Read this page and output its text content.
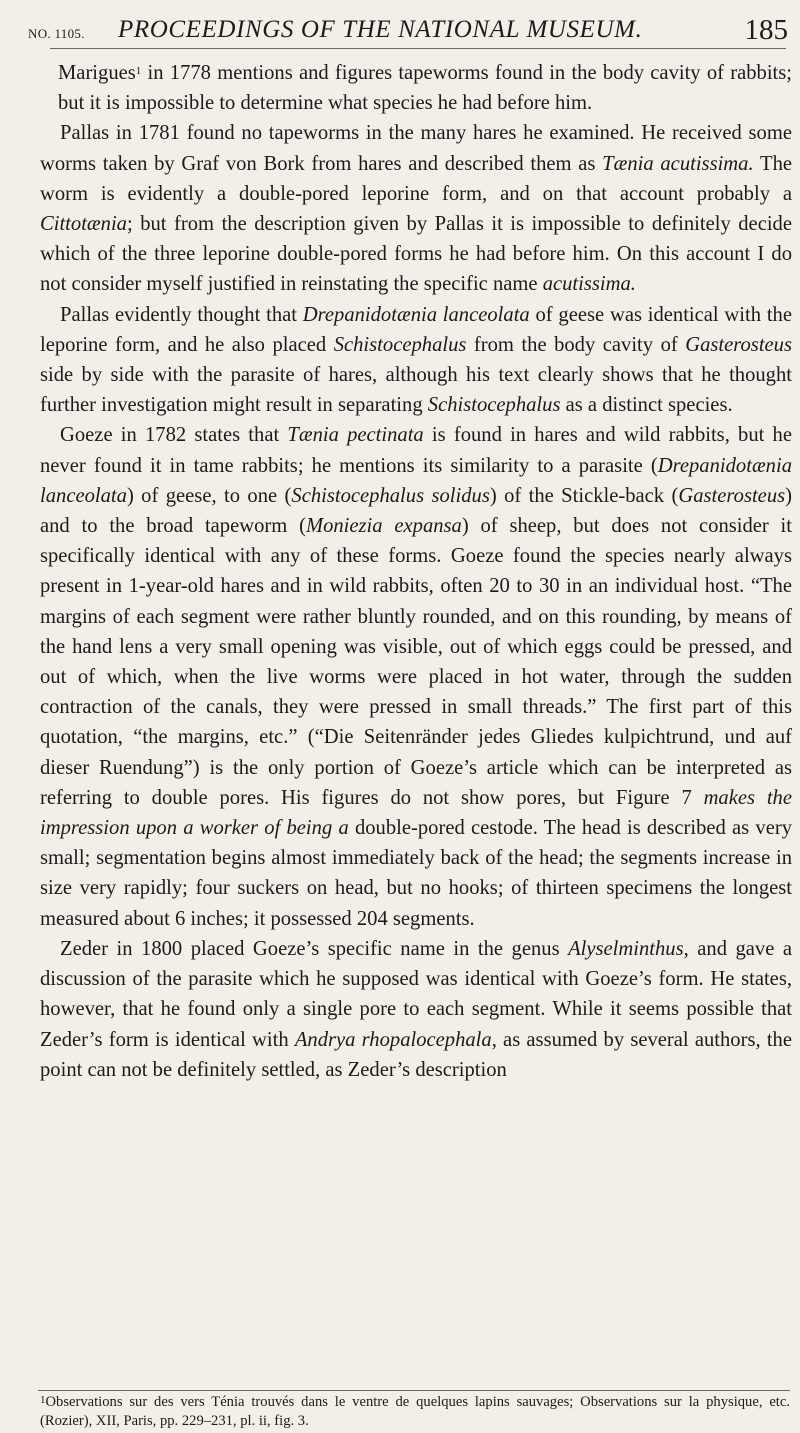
NO. 1105. PROCEEDINGS OF THE NATIONAL MUSEUM.	185

Marigues$^1$ in 1778 mentions and figures tapeworms found in the body cavity of rabbits; but it is impossible to determine what species he had before him.

Pallas in 1781 found no tapeworms in the many hares he examined. He received some worms taken by Graf von Bork from hares and described them as Tænia acutissima. The worm is evidently a double-pored leporine form, and on that account probably a Cittotænia; but from the description given by Pallas it is impossible to definitely decide which of the three leporine double-pored forms he had before him. On this account I do not consider myself justified in reinstating the specific name acutissima.

Pallas evidently thought that Drepanidotænia lanceolata of geese was identical with the leporine form, and he also placed Schistocephalus from the body cavity of Gasterosteus side by side with the parasite of hares, although his text clearly shows that he thought further investigation might result in separating Schistocephalus as a distinct species.

Goeze in 1782 states that Tænia pectinata is found in hares and wild rabbits, but he never found it in tame rabbits; he mentions its similarity to a parasite (Drepanidotænia lanceolata) of geese, to one (Schistocephalus solidus) of the Stickle-back (Gasterosteus) and to the broad tapeworm (Moniezia expansa) of sheep, but does not consider it specifically identical with any of these forms. Goeze found the species nearly always present in 1-year-old hares and in wild rabbits, often 20 to 30 in an individual host. “The margins of each segment were rather bluntly rounded, and on this rounding, by means of the hand lens a very small opening was visible, out of which eggs could be pressed, and out of which, when the live worms were placed in hot water, through the sudden contraction of the canals, they were pressed in small threads.” The first part of this quotation, “the margins, etc.” (“Die Seitenränder jedes Gliedes kulpichtrund, und auf dieser Ruendung”) is the only portion of Goeze’s article which can be interpreted as referring to double pores. His figures do not show pores, but Figure 7 makes the impression upon a worker of being a double-pored cestode. The head is described as very small; segmentation begins almost immediately back of the head; the segments increase in size very rapidly; four suckers on head, but no hooks; of thirteen specimens the longest measured about 6 inches; it possessed 204 segments.

Zeder in 1800 placed Goeze’s specific name in the genus Alyselminthus, and gave a discussion of the parasite which he supposed was identical with Goeze’s form. He states, however, that he found only a single pore to each segment. While it seems possible that Zeder’s form is identical with Andrya rhopalocephala, as assumed by several authors, the point can not be definitely settled, as Zeder’s description

$^1$Observations sur des vers Ténia trouvés dans le ventre de quelques lapins sauvages; Observations sur la physique, etc. (Rozier), XII, Paris, pp. 229–231, pl. ii, fig. 3.
